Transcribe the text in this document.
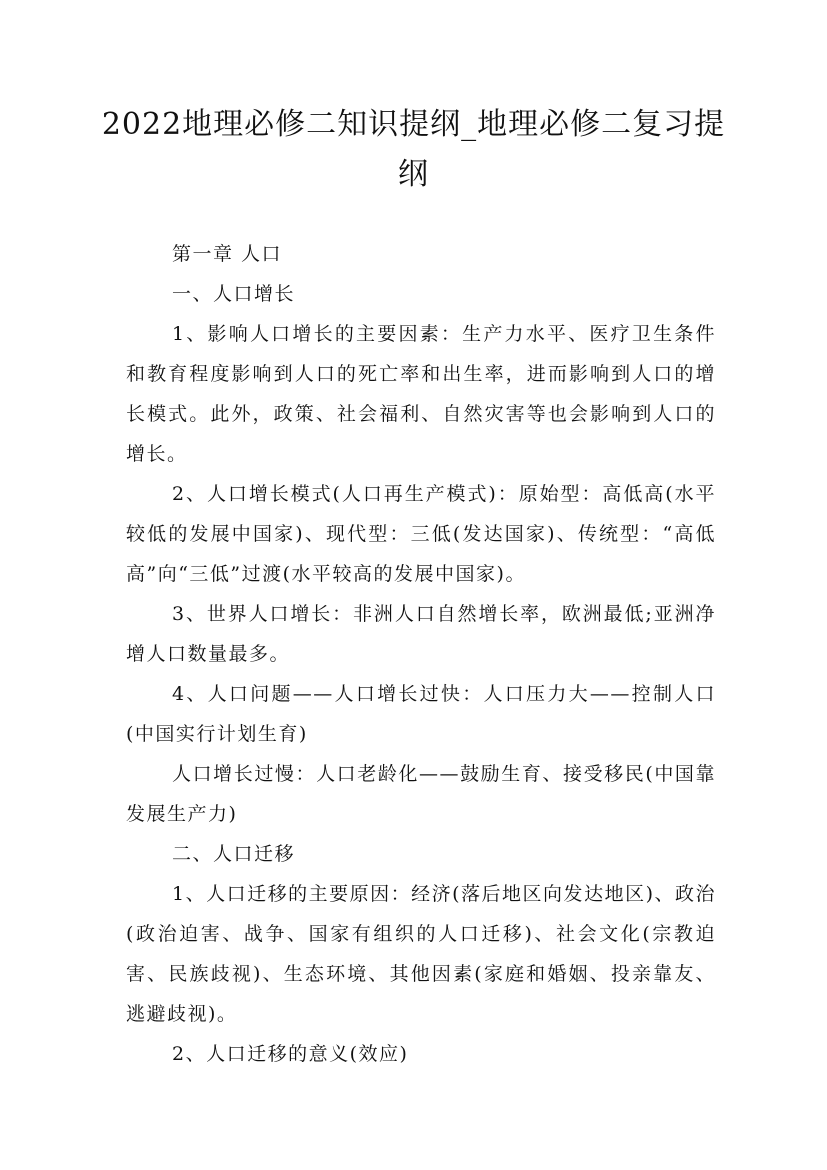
2022地理必修二知识提纲_地理必修二复习提纲

第一章 人口

一、人口增长

1、影响人口增长的主要因素：生产力水平、医疗卫生条件和教育程度影响到人口的死亡率和出生率，进而影响到人口的增长模式。此外，政策、社会福利、自然灾害等也会影响到人口的增长。

2、人口增长模式(人口再生产模式)：原始型：高低高(水平较低的发展中国家)、现代型：三低(发达国家)、传统型：“高低高”向“三低”过渡(水平较高的发展中国家)。

3、世界人口增长：非洲人口自然增长率，欧洲最低;亚洲净增人口数量最多。

4、人口问题——人口增长过快：人口压力大——控制人口(中国实行计划生育)

人口增长过慢：人口老龄化——鼓励生育、接受移民(中国靠发展生产力)

二、人口迁移

1、人口迁移的主要原因：经济(落后地区向发达地区)、政治(政治迫害、战争、国家有组织的人口迁移)、社会文化(宗教迫害、民族歧视)、生态环境、其他因素(家庭和婚姻、投亲靠友、逃避歧视)。

2、人口迁移的意义(效应)
